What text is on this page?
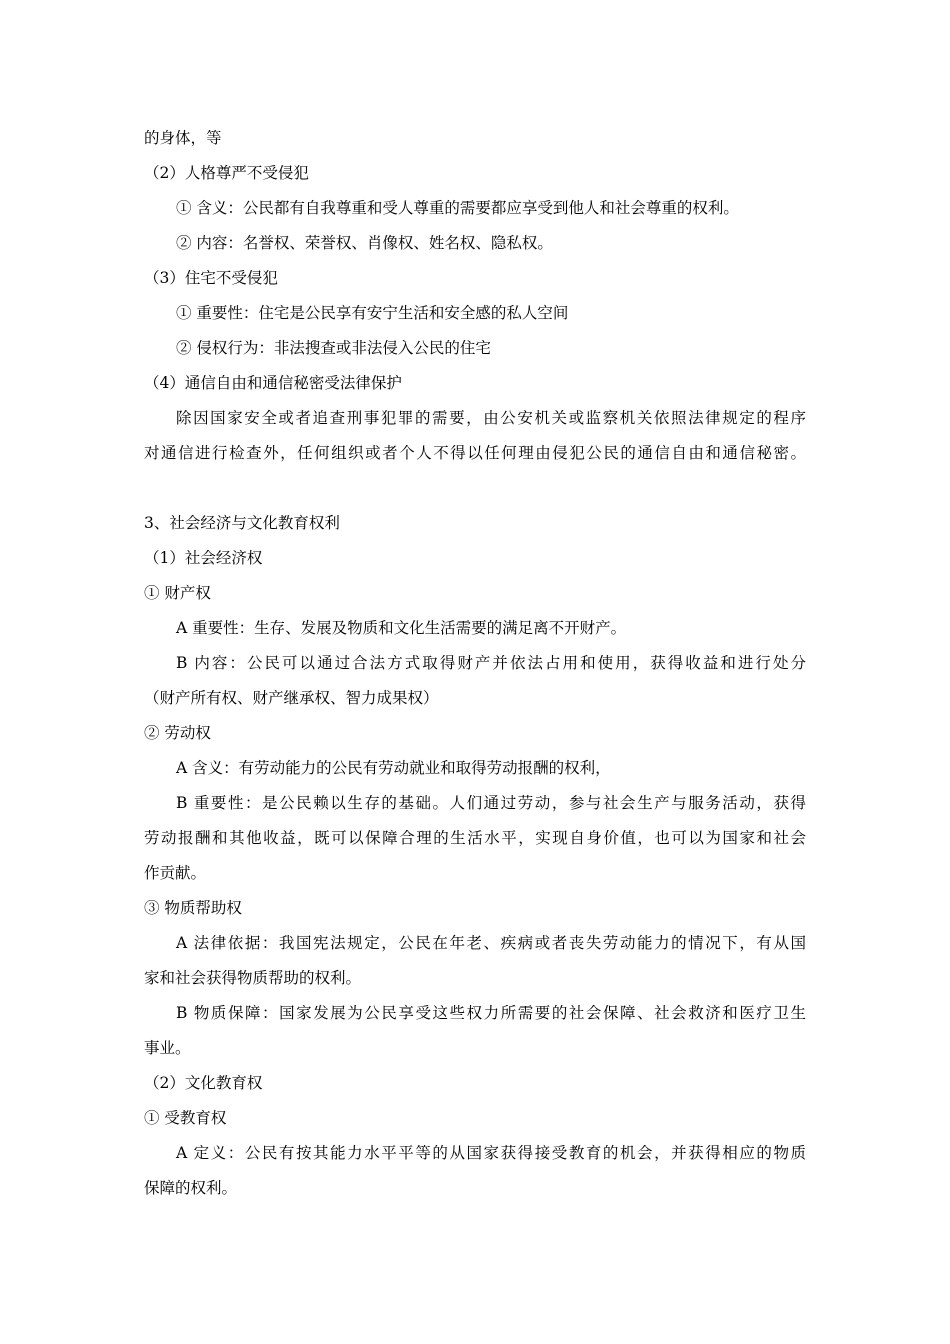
的身体，等
（2）人格尊严不受侵犯
① 含义：公民都有自我尊重和受人尊重的需要都应享受到他人和社会尊重的权利。
② 内容：名誉权、荣誉权、肖像权、姓名权、隐私权。
（3）住宅不受侵犯
① 重要性：住宅是公民享有安宁生活和安全感的私人空间
② 侵权行为：非法搜查或非法侵入公民的住宅
（4）通信自由和通信秘密受法律保护
除因国家安全或者追查刑事犯罪的需要，由公安机关或监察机关依照法律规定的程序
对通信进行检查外，任何组织或者个人不得以任何理由侵犯公民的通信自由和通信秘密。
3、社会经济与文化教育权利
（1）社会经济权
① 财产权
A 重要性：生存、发展及物质和文化生活需要的满足离不开财产。
B 内容：公民可以通过合法方式取得财产并依法占用和使用，获得收益和进行处分
（财产所有权、财产继承权、智力成果权）
② 劳动权
A 含义：有劳动能力的公民有劳动就业和取得劳动报酬的权利，
B 重要性：是公民赖以生存的基础。人们通过劳动，参与社会生产与服务活动，获得
劳动报酬和其他收益，既可以保障合理的生活水平，实现自身价值，也可以为国家和社会
作贡献。
③ 物质帮助权
A 法律依据：我国宪法规定，公民在年老、疾病或者丧失劳动能力的情况下，有从国
家和社会获得物质帮助的权利。
B 物质保障：国家发展为公民享受这些权力所需要的社会保障、社会救济和医疗卫生
事业。
（2）文化教育权
① 受教育权
A 定义：公民有按其能力水平平等的从国家获得接受教育的机会，并获得相应的物质
保障的权利。
